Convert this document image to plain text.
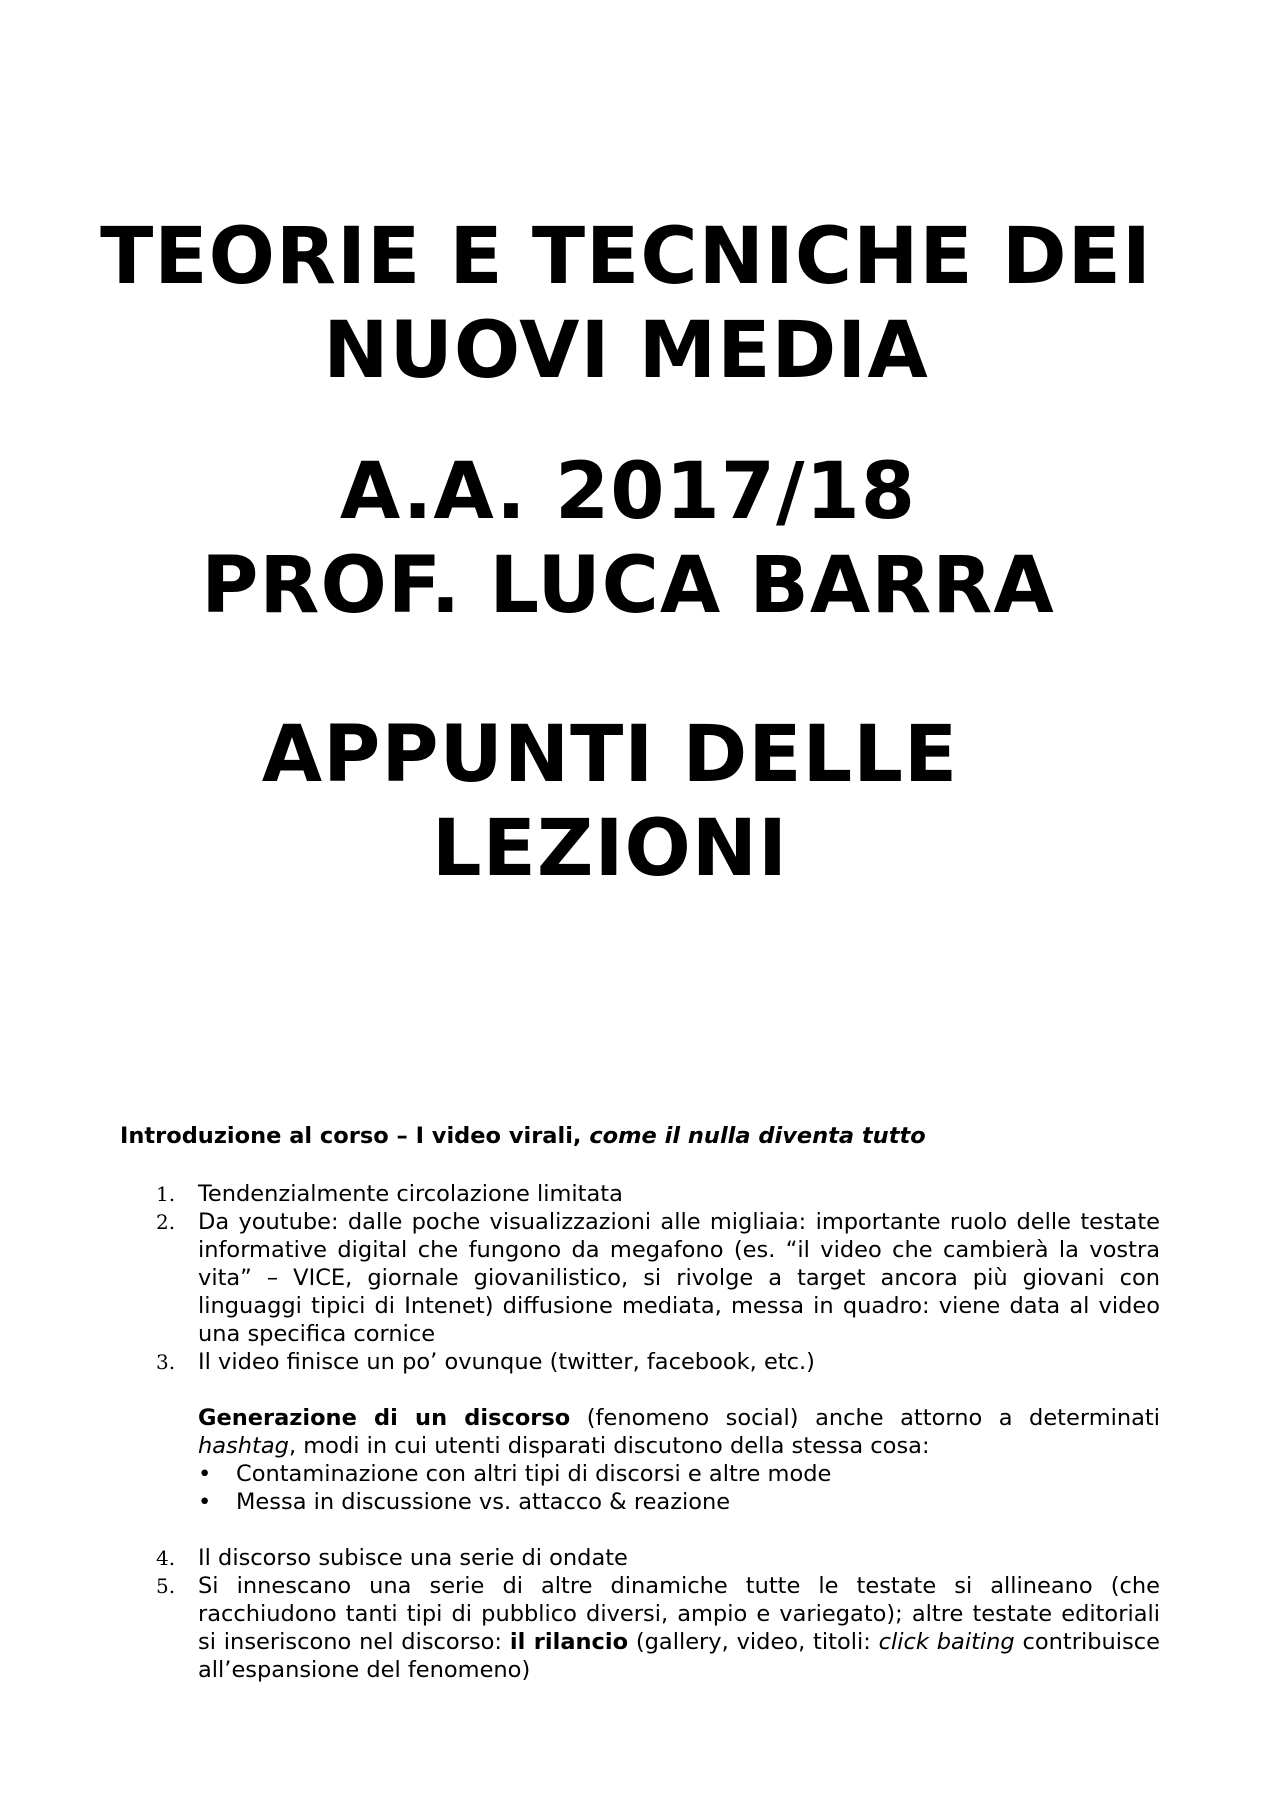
TEORIE E TECNICHE DEI
NUOVI MEDIA
A.A. 2017/18
PROF. LUCA BARRA
APPUNTI DELLE
LEZIONI
Introduzione al corso – I video virali, come il nulla diventa tutto
1. Tendenzialmente circolazione limitata
2. Da youtube: dalle poche visualizzazioni alle migliaia: importante ruolo delle testate informative digital che fungono da megafono (es. “il video che cambierà la vostra vita” – VICE, giornale giovanilistico, si rivolge a target ancora più giovani con linguaggi tipici di Intenet) diffusione mediata, messa in quadro: viene data al video una specifica cornice
3. Il video finisce un po’ ovunque (twitter, facebook, etc.)
Generazione di un discorso (fenomeno social) anche attorno a determinati hashtag, modi in cui utenti disparati discutono della stessa cosa:
• Contaminazione con altri tipi di discorsi e altre mode
• Messa in discussione vs. attacco & reazione
4. Il discorso subisce una serie di ondate
5. Si innescano una serie di altre dinamiche tutte le testate si allineano (che racchiudono tanti tipi di pubblico diversi, ampio e variegato); altre testate editoriali si inseriscono nel discorso: il rilancio (gallery, video, titoli: click baiting contribuisce all’espansione del fenomeno)
